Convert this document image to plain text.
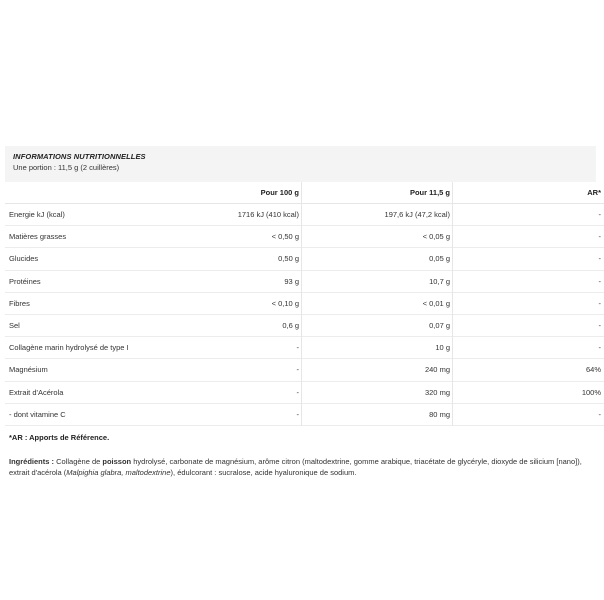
INFORMATIONS NUTRITIONNELLES
Une portion : 11,5 g (2 cuillères)
	Pour 100 g	Pour 11,5 g	AR*
Energie kJ (kcal)	1716 kJ (410 kcal)	197,6 kJ (47,2 kcal)	-
Matières grasses	< 0,50 g	< 0,05 g	-
Glucides	0,50 g	0,05 g	-
Protéines	93 g	10,7 g	-
Fibres	< 0,10 g	< 0,01 g	-
Sel	0,6 g	0,07 g	-
Collagène marin hydrolysé de type I	-	10 g	-
Magnésium	-	240 mg	64%
Extrait d'Acérola	-	320 mg	100%
- dont vitamine C	-	80 mg	-
*AR : Apports de Référence.
Ingrédients : Collagène de poisson hydrolysé, carbonate de magnésium, arôme citron (maltodextrine, gomme arabique, triacétate de glycéryle, dioxyde de silicium [nano]), extrait d'acérola (Malpighia glabra, maltodextrine), édulcorant : sucralose, acide hyaluronique de sodium.
